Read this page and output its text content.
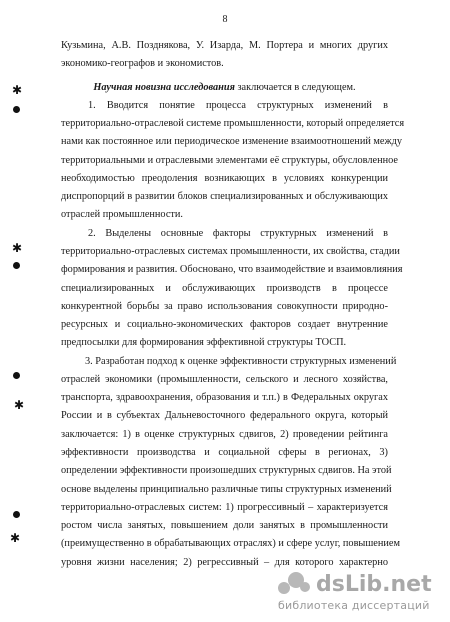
8
Кузьмина, А.В. Позднякова, У. Изарда, М. Портера и многих других
экономико-географов и экономистов.
Научная новизна исследования заключается в следующем.
1. Вводится понятие процесса структурных изменений в
территориально-отраслевой системе промышленности, который определяется
нами как постоянное или периодическое изменение взаимоотношений между
территориальными и отраслевыми элементами её структуры, обусловленное
необходимостью преодоления возникающих в условиях конкуренции
диспропорций в развитии блоков специализированных и обслуживающих
отраслей промышленности.
2. Выделены основные факторы структурных изменений в
территориально-отраслевых системах промышленности, их свойства, стадии
формирования и развития. Обосновано, что взаимодействие и взаимовлияния
специализированных и обслуживающих производств в процессе
конкурентной борьбы за право использования совокупности природно-
ресурсных и социально-экономических факторов создает внутренние
предпосылки для формирования эффективной структуры ТОСП.
3. Разработан подход к оценке эффективности структурных изменений
отраслей экономики (промышленности, сельского и лесного хозяйства,
транспорта, здравоохранения, образования и т.п.) в Федеральных округах
России и в субъектах Дальневосточного федерального округа, который
заключается: 1) в оценке структурных сдвигов, 2) проведении рейтинга
эффективности производства и социальной сферы в регионах, 3)
определении эффективности произошедших структурных сдвигов. На этой
основе выделены принципиально различные типы структурных изменений
территориально-отраслевых систем: 1) прогрессивный – характеризуется
ростом числа занятых, повышением доли занятых в промышленности
(преимущественно в обрабатывающих отраслях) и сфере услуг, повышением
уровня жизни населения; 2) регрессивный – для которого характерно
✱
✱
✱
✱
dsLib.net
библиотека диссертаций
